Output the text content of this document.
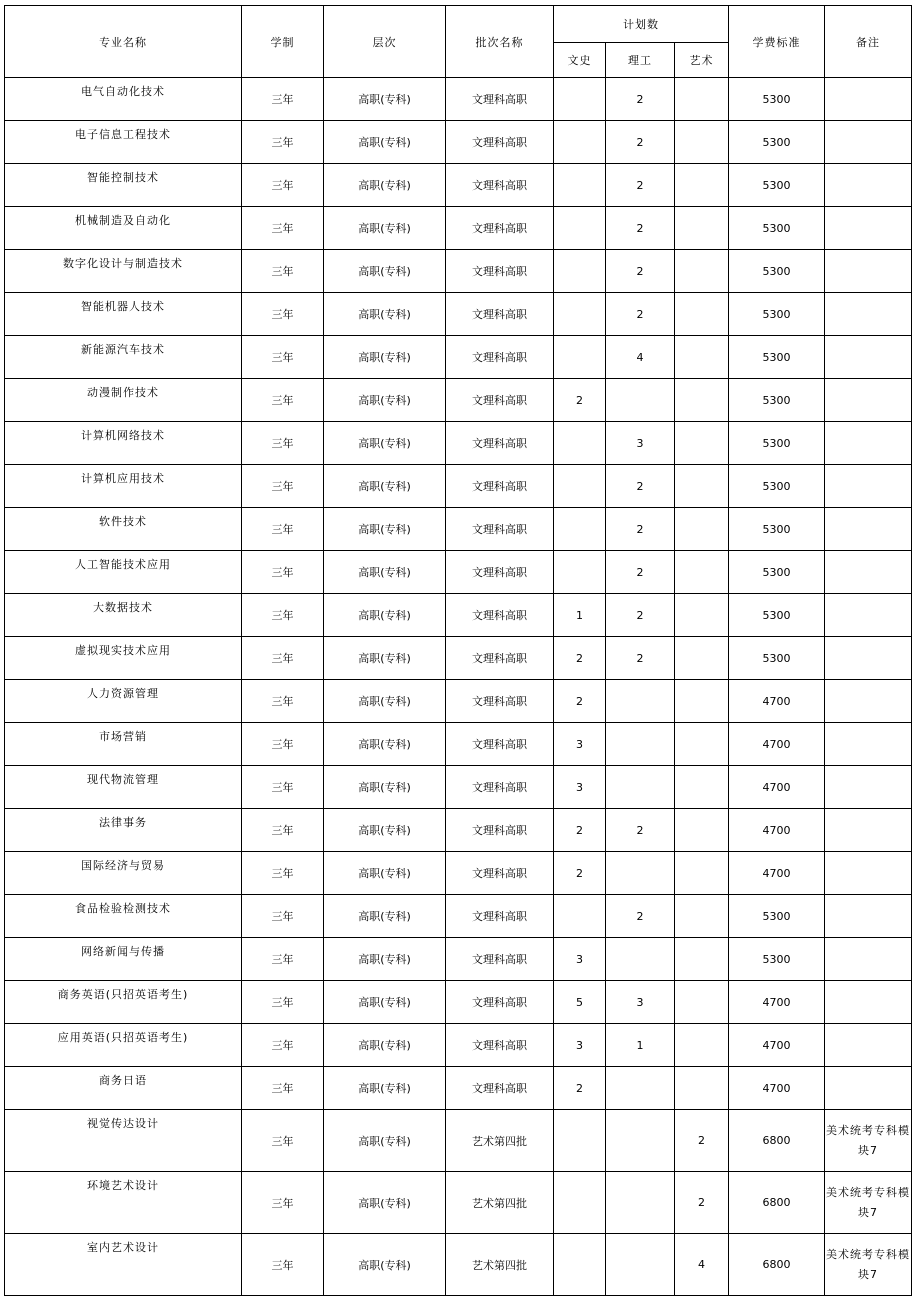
专业名称	学制	层次	批次名称	计划数			学费标准	备注
				文史	理工	艺术		
电气自动化技术	三年	高职(专科)	文理科高职		2		5300	
电子信息工程技术	三年	高职(专科)	文理科高职		2		5300	
智能控制技术	三年	高职(专科)	文理科高职		2		5300	
机械制造及自动化	三年	高职(专科)	文理科高职		2		5300	
数字化设计与制造技术	三年	高职(专科)	文理科高职		2		5300	
智能机器人技术	三年	高职(专科)	文理科高职		2		5300	
新能源汽车技术	三年	高职(专科)	文理科高职		4		5300	
动漫制作技术	三年	高职(专科)	文理科高职	2			5300	
计算机网络技术	三年	高职(专科)	文理科高职		3		5300	
计算机应用技术	三年	高职(专科)	文理科高职		2		5300	
软件技术	三年	高职(专科)	文理科高职		2		5300	
人工智能技术应用	三年	高职(专科)	文理科高职		2		5300	
大数据技术	三年	高职(专科)	文理科高职	1	2		5300	
虚拟现实技术应用	三年	高职(专科)	文理科高职	2	2		5300	
人力资源管理	三年	高职(专科)	文理科高职	2			4700	
市场营销	三年	高职(专科)	文理科高职	3			4700	
现代物流管理	三年	高职(专科)	文理科高职	3			4700	
法律事务	三年	高职(专科)	文理科高职	2	2		4700	
国际经济与贸易	三年	高职(专科)	文理科高职	2			4700	
食品检验检测技术	三年	高职(专科)	文理科高职		2		5300	
网络新闻与传播	三年	高职(专科)	文理科高职	3			5300	
商务英语(只招英语考生)	三年	高职(专科)	文理科高职	5	3		4700	
应用英语(只招英语考生)	三年	高职(专科)	文理科高职	3	1		4700	
商务日语	三年	高职(专科)	文理科高职	2			4700	
视觉传达设计	三年	高职(专科)	艺术第四批			2	6800	美术统考专科模块7
环境艺术设计	三年	高职(专科)	艺术第四批			2	6800	美术统考专科模块7
室内艺术设计	三年	高职(专科)	艺术第四批			4	6800	美术统考专科模块7
